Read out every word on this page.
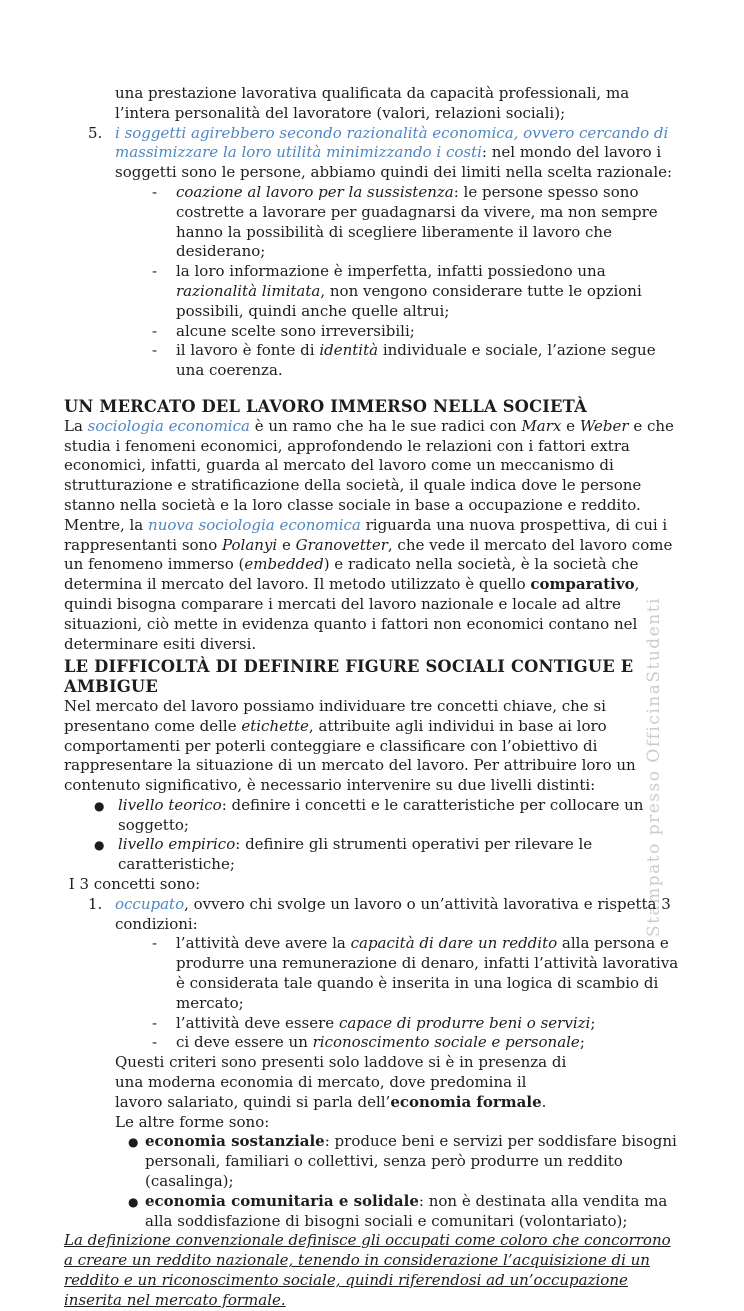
Stampato presso OfficinaStudenti
una prestazione lavorativa qualificata da capacità professionali, ma l’intera personalità del lavoratore (valori, relazioni sociali);
5. i soggetti agirebbero secondo razionalità economica, ovvero cercando di massimizzare la loro utilità minimizzando i costi: nel mondo del lavoro i soggetti sono le persone, abbiamo quindi dei limiti nella scelta razionale:
- coazione al lavoro per la sussistenza: le persone spesso sono costrette a lavorare per guadagnarsi da vivere, ma non sempre hanno la possibilità di scegliere liberamente il lavoro che desiderano;
- la loro informazione è imperfetta, infatti possiedono una razionalità limitata, non vengono considerare tutte le opzioni possibili, quindi anche quelle altrui;
- alcune scelte sono irreversibili;
- il lavoro è fonte di identità individuale e sociale, l’azione segue una coerenza.
UN MERCATO DEL LAVORO IMMERSO NELLA SOCIETÀ
La sociologia economica è un ramo che ha le sue radici con Marx e Weber e che studia i fenomeni economici, approfondendo le relazioni con i fattori extra economici, infatti, guarda al mercato del lavoro come un meccanismo di strutturazione e stratificazione della società, il quale indica dove le persone stanno nella società e la loro classe sociale in base a occupazione e reddito. Mentre, la nuova sociologia economica riguarda una nuova prospettiva, di cui i rappresentanti sono Polanyi e Granovetter, che vede il mercato del lavoro come un fenomeno immerso (embedded) e radicato nella società, è la società che determina il mercato del lavoro. Il metodo utilizzato è quello comparativo, quindi bisogna comparare i mercati del lavoro nazionale e locale ad altre situazioni, ciò mette in evidenza quanto i fattori non economici contano nel determinare esiti diversi.
LE DIFFICOLTÀ DI DEFINIRE FIGURE SOCIALI CONTIGUE E AMBIGUE
Nel mercato del lavoro possiamo individuare tre concetti chiave, che si presentano come delle etichette, attribuite agli individui in base ai loro comportamenti per poterli conteggiare e classificare con l’obiettivo di rappresentare la situazione di un mercato del lavoro. Per attribuire loro un contenuto significativo, è necessario intervenire su due livelli distinti:
● livello teorico: definire i concetti e le caratteristiche per collocare un soggetto;
● livello empirico: definire gli strumenti operativi per rilevare le caratteristiche;
I 3 concetti sono:
1. occupato, ovvero chi svolge un lavoro o un’attività lavorativa e rispetta 3 condizioni:
- l’attività deve avere la capacità di dare un reddito alla persona e produrre una remunerazione di denaro, infatti l’attività lavorativa è considerata tale quando è inserita in una logica di scambio di mercato;
- l’attività deve essere capace di produrre beni o servizi;
- ci deve essere un riconoscimento sociale e personale;
Questi criteri sono presenti solo laddove si è in presenza di una moderna economia di mercato, dove predomina il lavoro salariato, quindi si parla dell’economia formale. Le altre forme sono:
● economia sostanziale: produce beni e servizi per soddisfare bisogni personali, familiari o collettivi, senza però produrre un reddito (casalinga);
● economia comunitaria e solidale: non è destinata alla vendita ma alla soddisfazione di bisogni sociali e comunitari (volontariato);
La definizione convenzionale definisce gli occupati come coloro che concorrono a creare un reddito nazionale, tenendo in considerazione l’acquisizione di un reddito e un riconoscimento sociale, quindi riferendosi ad un’occupazione inserita nel mercato formale.
